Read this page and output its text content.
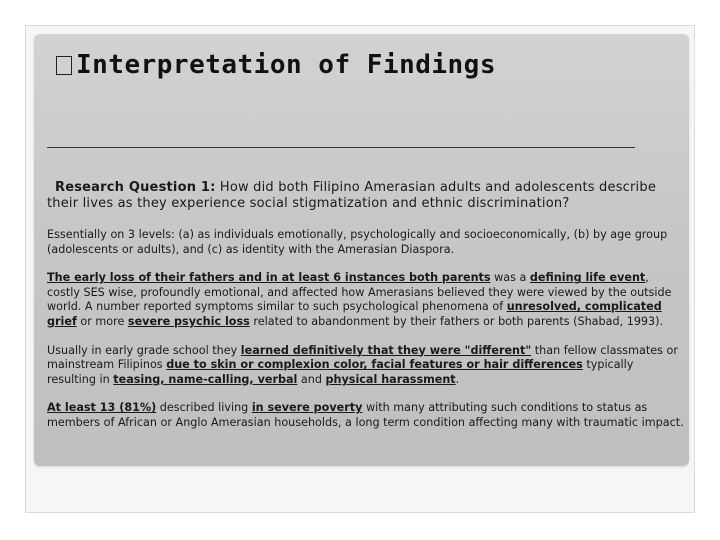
Interpretation of Findings

Research Question 1: How did both Filipino Amerasian adults and adolescents describe their lives as they experience social stigmatization and ethnic discrimination?

Essentially on 3 levels: (a) as individuals emotionally, psychologically and socioeconomically, (b) by age group (adolescents or adults), and (c) as identity with the Amerasian Diaspora.

The early loss of their fathers and in at least 6 instances both parents was a defining life event, costly SES wise, profoundly emotional, and affected how Amerasians believed they were viewed by the outside world. A number reported symptoms similar to such psychological phenomena of unresolved, complicated grief or more severe psychic loss related to abandonment by their fathers or both parents (Shabad, 1993).

Usually in early grade school they learned definitively that they were "different" than fellow classmates or mainstream Filipinos due to skin or complexion color, facial features or hair differences typically resulting in teasing, name-calling, verbal and physical harassment.

At least 13 (81%) described living in severe poverty with many attributing such conditions to status as members of African or Anglo Amerasian households, a long term condition affecting many with traumatic impact.
